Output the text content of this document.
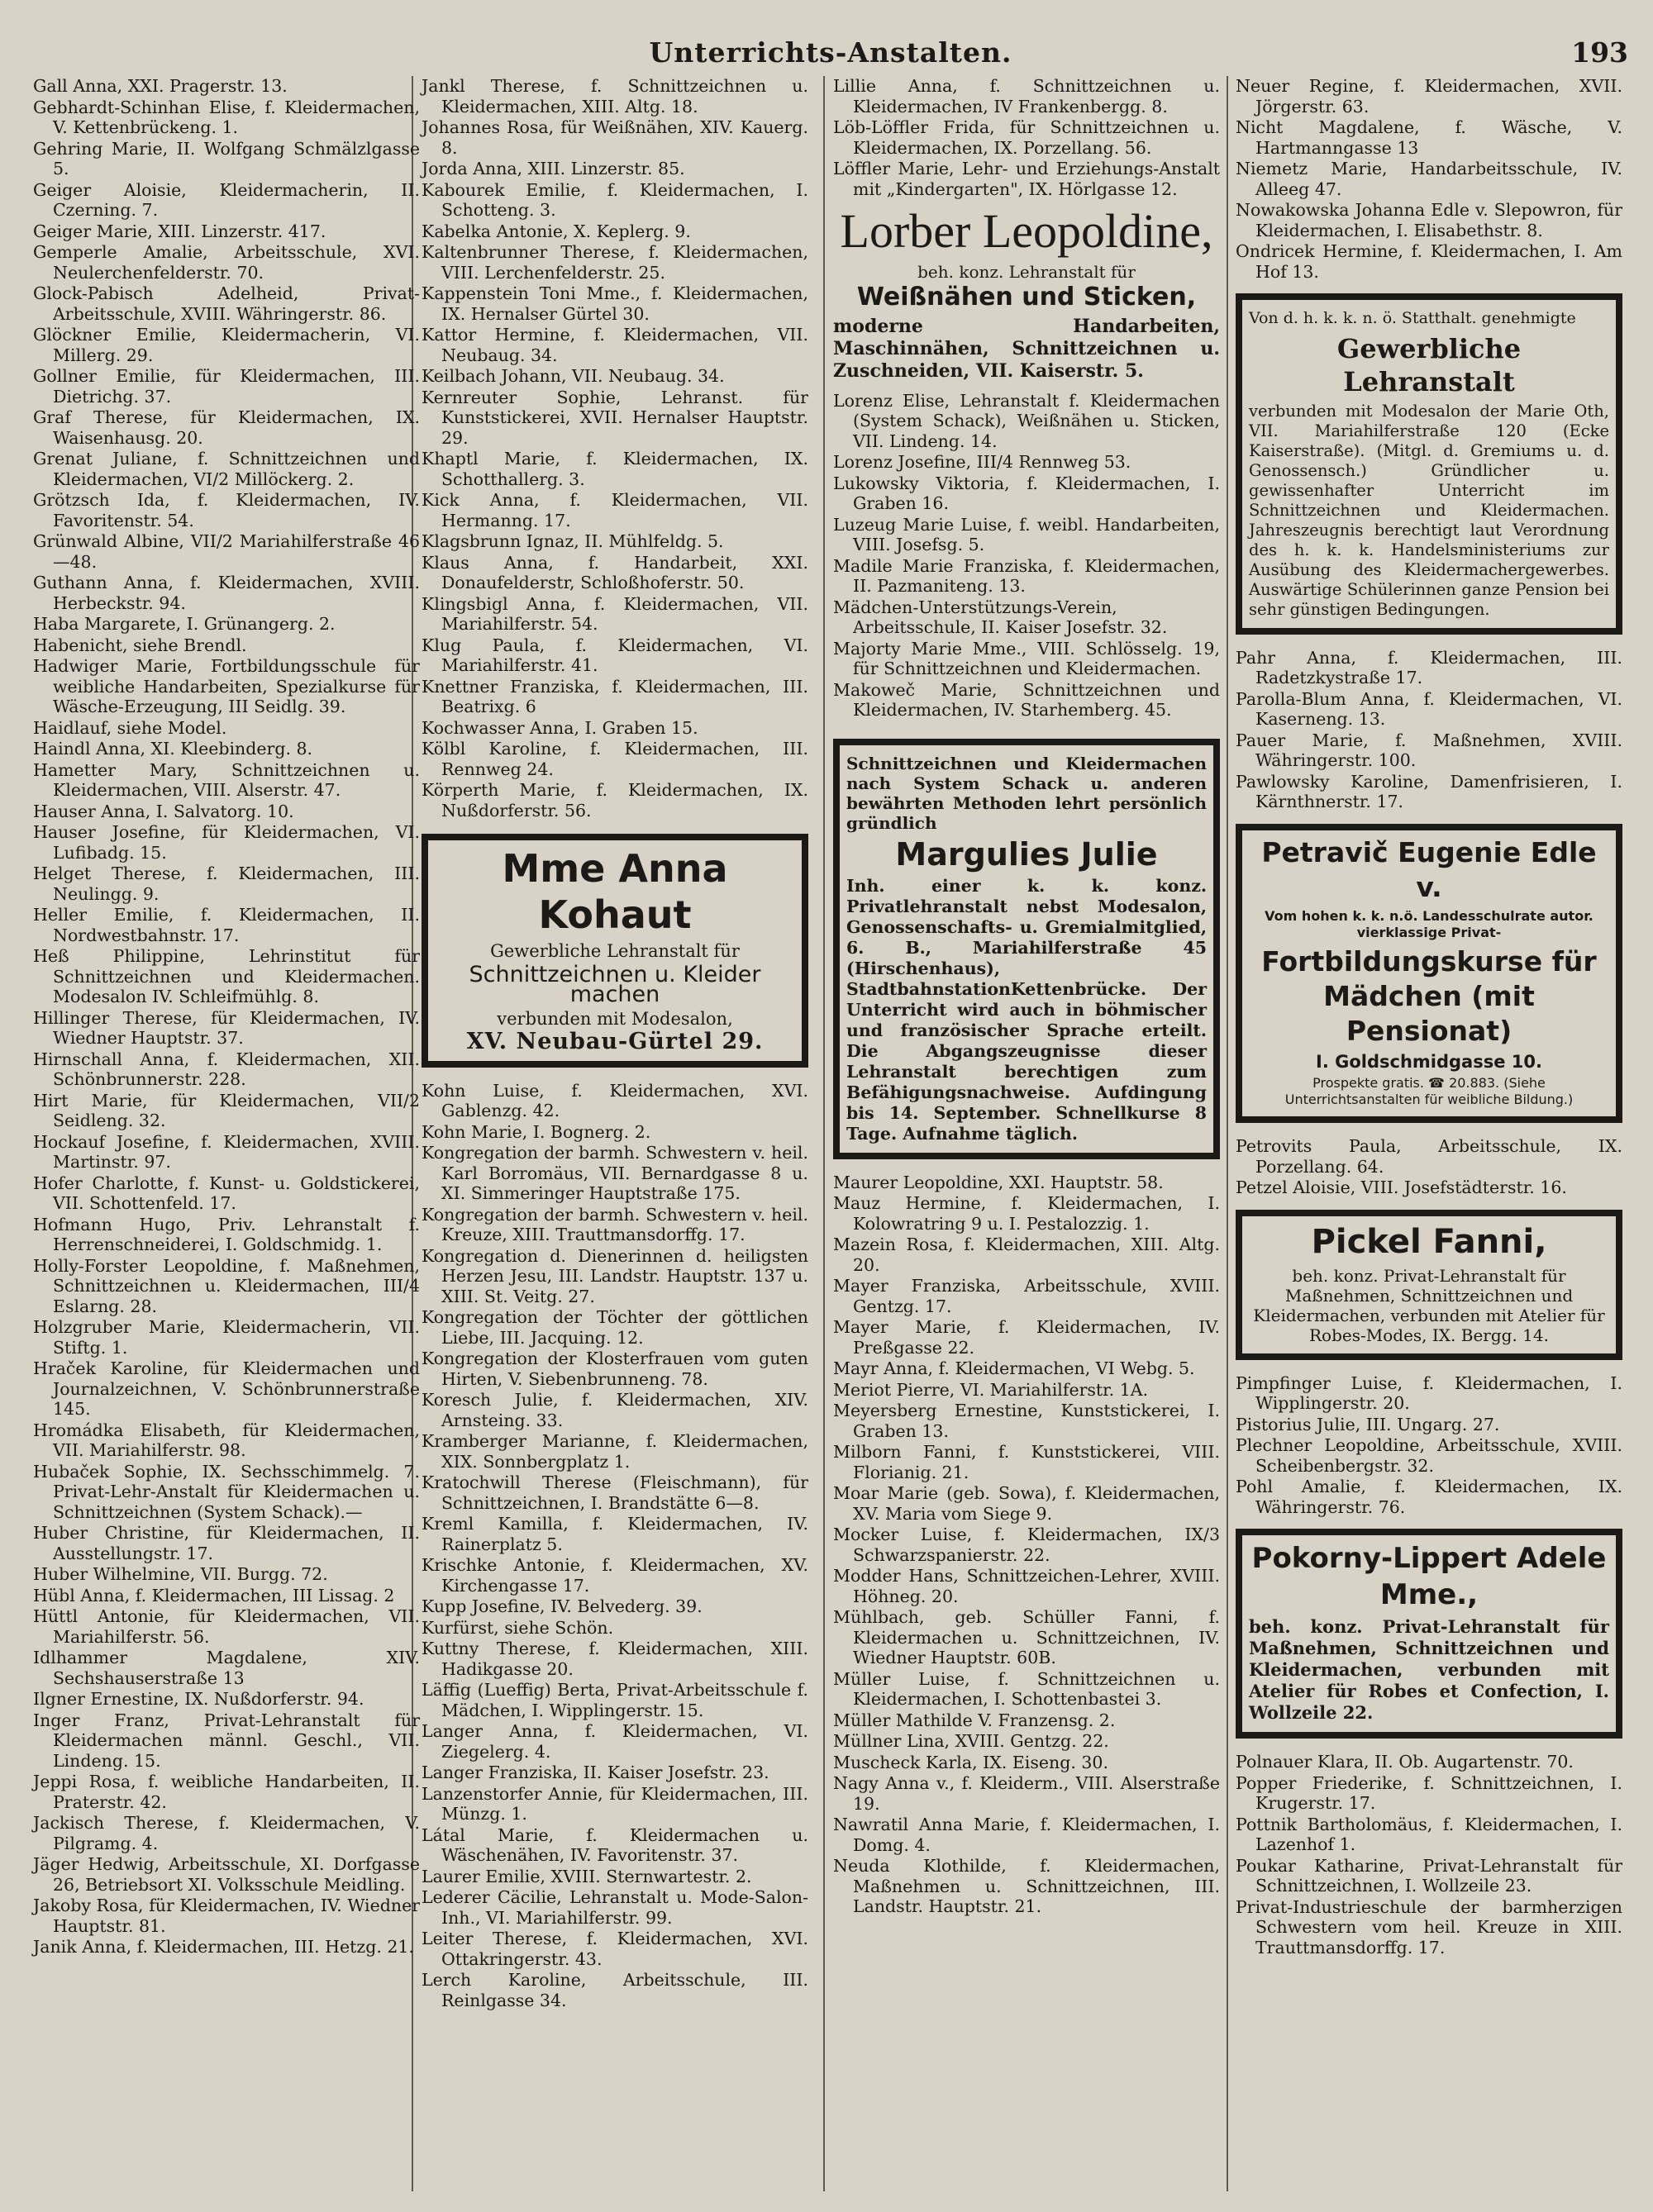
Unterrichts-Anstalten.	193

Gall Anna, XXI. Pragerstr. 13.

Gebhardt-Schinhan Elise, f. Kleidermachen, V. Kettenbrückeng. 1.

Gehring Marie, II. Wolfgang Schmälzlgasse 5.

Geiger Aloisie, Kleidermacherin, II. Czerning. 7.

Geiger Marie, XIII. Linzerstr. 417.

Gemperle Amalie, Arbeitsschule, XVI. Neulerchenfelderstr. 70.

Glock-Pabisch Adelheid, Privat-Arbeitsschule, XVIII. Währingerstr. 86.

Glöckner Emilie, Kleidermacherin, VI. Millerg. 29.

Gollner Emilie, für Kleidermachen, III. Dietrichg. 37.

Graf Therese, für Kleidermachen, IX. Waisenhausg. 20.

Grenat Juliane, f. Schnittzeichnen und Kleidermachen, VI/2 Millöckerg. 2.

Grötzsch Ida, f. Kleidermachen, IV. Favoritenstr. 54.

Grünwald Albine, VII/2 Mariahilferstraße 46—48.

Guthann Anna, f. Kleidermachen, XVIII. Herbeckstr. 94.

Haba Margarete, I. Grünangerg. 2.

Habenicht, siehe Brendl.

Hadwiger Marie, Fortbildungsschule für weibliche Handarbeiten, Spezialkurse für Wäsche-Erzeugung, III Seidlg. 39.

Haidlauf, siehe Model.

Haindl Anna, XI. Kleebinderg. 8.

Hametter Mary, Schnittzeichnen u. Kleidermachen, VIII. Alserstr. 47.

Hauser Anna, I. Salvatorg. 10.

Hauser Josefine, für Kleidermachen, VI. Lufibadg. 15.

Helget Therese, f. Kleidermachen, III. Neulingg. 9.

Heller Emilie, f. Kleidermachen, II. Nordwestbahnstr. 17.

Heß Philippine, Lehrinstitut für Schnittzeichnen und Kleidermachen. Modesalon IV. Schleifmühlg. 8.

Hillinger Therese, für Kleidermachen, IV. Wiedner Hauptstr. 37.

Hirnschall Anna, f. Kleidermachen, XII. Schönbrunnerstr. 228.

Hirt Marie, für Kleidermachen, VII/2 Seidleng. 32.

Hockauf Josefine, f. Kleidermachen, XVIII. Martinstr. 97.

Hofer Charlotte, f. Kunst- u. Goldstickerei, VII. Schottenfeld. 17.

Hofmann Hugo, Priv. Lehranstalt f. Herrenschneiderei, I. Goldschmidg. 1.

Holly-Forster Leopoldine, f. Maßnehmen, Schnittzeichnen u. Kleidermachen, III/4 Eslarng. 28.

Holzgruber Marie, Kleidermacherin, VII. Stiftg. 1.

Hraček Karoline, für Kleidermachen und Journalzeichnen, V. Schönbrunnerstraße 145.

Hromádka Elisabeth, für Kleidermachen, VII. Mariahilferstr. 98.

Hubaček Sophie, IX. Sechsschimmelg. 7. Privat-Lehr-Anstalt für Kleidermachen u. Schnittzeichnen (System Schack).—

Huber Christine, für Kleidermachen, II. Ausstellungstr. 17.

Huber Wilhelmine, VII. Burgg. 72.

Hübl Anna, f. Kleidermachen, III Lissag. 2

Hüttl Antonie, für Kleidermachen, VII. Mariahilferstr. 56.

Idlhammer Magdalene, XIV. Sechshauserstraße 13

Ilgner Ernestine, IX. Nußdorferstr. 94.

Inger Franz, Privat-Lehranstalt für Kleidermachen männl. Geschl., VII. Lindeng. 15.

Jeppi Rosa, f. weibliche Handarbeiten, II. Praterstr. 42.

Jackisch Therese, f. Kleidermachen, V. Pilgramg. 4.

Jäger Hedwig, Arbeitsschule, XI. Dorfgasse 26, Betriebsort XI. Volksschule Meidling.

Jakoby Rosa, für Kleidermachen, IV. Wiedner Hauptstr. 81.

Janik Anna, f. Kleidermachen, III. Hetzg. 21.

Jankl Therese, f. Schnittzeichnen u. Kleidermachen, XIII. Altg. 18.

Johannes Rosa, für Weißnähen, XIV. Kauerg. 8.

Jorda Anna, XIII. Linzerstr. 85.

Kabourek Emilie, f. Kleidermachen, I. Schotteng. 3.

Kabelka Antonie, X. Keplerg. 9.

Kaltenbrunner Therese, f. Kleidermachen, VIII. Lerchenfelderstr. 25.

Kappenstein Toni Mme., f. Kleidermachen, IX. Hernalser Gürtel 30.

Kattor Hermine, f. Kleidermachen, VII. Neubaug. 34.

Keilbach Johann, VII. Neubaug. 34.

Kernreuter Sophie, Lehranst. für Kunststickerei, XVII. Hernalser Hauptstr. 29.

Khaptl Marie, f. Kleidermachen, IX. Schotthallerg. 3.

Kick Anna, f. Kleidermachen, VII. Hermanng. 17.

Klagsbrunn Ignaz, II. Mühlfeldg. 5.

Klaus Anna, f. Handarbeit, XXI. Donaufelderstr, Schloßhoferstr. 50.

Klingsbigl Anna, f. Kleidermachen, VII. Mariahilferstr. 54.

Klug Paula, f. Kleidermachen, VI. Mariahilferstr. 41.

Knettner Franziska, f. Kleidermachen, III. Beatrixg. 6

Kochwasser Anna, I. Graben 15.

Kölbl Karoline, f. Kleidermachen, III. Rennweg 24.

Körperth Marie, f. Kleidermachen, IX. Nußdorferstr. 56.

Mme Anna Kohaut

Gewerbliche Lehranstalt für

Schnittzeichnen u. Kleider machen

verbunden mit Modesalon,

XV. Neubau-Gürtel 29.

Kohn Luise, f. Kleidermachen, XVI. Gablenzg. 42.

Kohn Marie, I. Bognerg. 2.

Kongregation der barmh. Schwestern v. heil. Karl Borromäus, VII. Bernardgasse 8 u. XI. Simmeringer Hauptstraße 175.

Kongregation der barmh. Schwestern v. heil. Kreuze, XIII. Trauttmansdorffg. 17.

Kongregation d. Dienerinnen d. heiligsten Herzen Jesu, III. Landstr. Hauptstr. 137 u. XIII. St. Veitg. 27.

Kongregation der Töchter der göttlichen Liebe, III. Jacquing. 12.

Kongregation der Klosterfrauen vom guten Hirten, V. Siebenbrunneng. 78.

Koresch Julie, f. Kleidermachen, XIV. Arnsteing. 33.

Kramberger Marianne, f. Kleidermachen, XIX. Sonnbergplatz 1.

Kratochwill Therese (Fleischmann), für Schnittzeichnen, I. Brandstätte 6—8.

Kreml Kamilla, f. Kleidermachen, IV. Rainerplatz 5.

Krischke Antonie, f. Kleidermachen, XV. Kirchengasse 17.

Kupp Josefine, IV. Belvederg. 39.

Kurfürst, siehe Schön.

Kuttny Therese, f. Kleidermachen, XIII. Hadikgasse 20.

Läffig (Lueffig) Berta, Privat-Arbeitsschule f. Mädchen, I. Wipplingerstr. 15.

Langer Anna, f. Kleidermachen, VI. Ziegelerg. 4.

Langer Franziska, II. Kaiser Josefstr. 23.

Lanzenstorfer Annie, für Kleidermachen, III. Münzg. 1.

Látal Marie, f. Kleidermachen u. Wäschenähen, IV. Favoritenstr. 37.

Laurer Emilie, XVIII. Sternwartestr. 2.

Lederer Cäcilie, Lehranstalt u. Mode-Salon-Inh., VI. Mariahilferstr. 99.

Leiter Therese, f. Kleidermachen, XVI. Ottakringerstr. 43.

Lerch Karoline, Arbeitsschule, III. Reinlgasse 34.

Lillie Anna, f. Schnittzeichnen u. Kleidermachen, IV Frankenbergg. 8.

Löb-Löffler Frida, für Schnittzeichnen u. Kleidermachen, IX. Porzellang. 56.

Löffler Marie, Lehr- und Erziehungs-Anstalt mit „Kindergarten", IX. Hörlgasse 12.

Lorber Leopoldine,
beh. konz. Lehranstalt für
Weißnähen und Sticken,
moderne Handarbeiten, Maschinnähen, Schnittzeichnen u. Zuschneiden, VII. Kaiserstr. 5.

Lorenz Elise, Lehranstalt f. Kleidermachen (System Schack), Weißnähen u. Sticken, VII. Lindeng. 14.

Lorenz Josefine, III/4 Rennweg 53.

Lukowsky Viktoria, f. Kleidermachen, I. Graben 16.

Luzeug Marie Luise, f. weibl. Handarbeiten, VIII. Josefsg. 5.

Madile Marie Franziska, f. Kleidermachen, II. Pazmaniteng. 13.

Mädchen-Unterstützungs-Verein, Arbeitsschule, II. Kaiser Josefstr. 32.

Majorty Marie Mme., VIII. Schlösselg. 19, für Schnittzeichnen und Kleidermachen.

Makoweč Marie, Schnittzeichnen und Kleidermachen, IV. Starhemberg. 45.

Schnittzeichnen und Kleidermachen nach System Schack u. anderen bewährten Methoden lehrt persönlich gründlich

Margulies Julie

Inh. einer k. k. konz. Privatlehranstalt nebst Modesalon, Genossenschafts- u. Gremialmitglied, 6. B., Mariahilferstraße 45 (Hirschenhaus), StadtbahnstationKettenbrücke. Der Unterricht wird auch in böhmischer und französischer Sprache erteilt. Die Abgangszeugnisse dieser Lehranstalt berechtigen zum Befähigungsnachweise. Aufdingung bis 14. September. Schnellkurse 8 Tage. Aufnahme täglich.

Maurer Leopoldine, XXI. Hauptstr. 58.

Mauz Hermine, f. Kleidermachen, I. Kolowratring 9 u. I. Pestalozzig. 1.

Mazein Rosa, f. Kleidermachen, XIII. Altg. 20.

Mayer Franziska, Arbeitsschule, XVIII. Gentzg. 17.

Mayer Marie, f. Kleidermachen, IV. Preßgasse 22.

Mayr Anna, f. Kleidermachen, VI Webg. 5.

Meriot Pierre, VI. Mariahilferstr. 1A.

Meyersberg Ernestine, Kunststickerei, I. Graben 13.

Milborn Fanni, f. Kunststickerei, VIII. Florianig. 21.

Moar Marie (geb. Sowa), f. Kleidermachen, XV. Maria vom Siege 9.

Mocker Luise, f. Kleidermachen, IX/3 Schwarzspanierstr. 22.

Modder Hans, Schnittzeichen-Lehrer, XVIII. Höhneg. 20.

Mühlbach, geb. Schüller Fanni, f. Kleidermachen u. Schnittzeichnen, IV. Wiedner Hauptstr. 60B.

Müller Luise, f. Schnittzeichnen u. Kleidermachen, I. Schottenbastei 3.

Müller Mathilde V. Franzensg. 2.

Müllner Lina, XVIII. Gentzg. 22.

Muscheck Karla, IX. Eiseng. 30.

Nagy Anna v., f. Kleiderm., VIII. Alserstraße 19.

Nawratil Anna Marie, f. Kleidermachen, I. Domg. 4.

Neuda Klothilde, f. Kleidermachen, Maßnehmen u. Schnittzeichnen, III. Landstr. Hauptstr. 21.

Neuer Regine, f. Kleidermachen, XVII. Jörgerstr. 63.

Nicht Magdalene, f. Wäsche, V. Hartmanngasse 13

Niemetz Marie, Handarbeitsschule, IV. Alleeg 47.

Nowakowska Johanna Edle v. Slepowron, für Kleidermachen, I. Elisabethstr. 8.

Ondricek Hermine, f. Kleidermachen, I. Am Hof 13.

Von d. h. k. k. n. ö. Statthalt. genehmigte

Gewerbliche Lehranstalt

verbunden mit Modesalon der Marie Oth, VII. Mariahilferstraße 120 (Ecke Kaiserstraße). (Mitgl. d. Gremiums u. d. Genossensch.) Gründlicher u. gewissenhafter Unterricht im Schnittzeichnen und Kleidermachen. Jahreszeugnis berechtigt laut Verordnung des h. k. k. Handelsministeriums zur Ausübung des Kleidermachergewerbes. Auswärtige Schülerinnen ganze Pension bei sehr günstigen Bedingungen.

Pahr Anna, f. Kleidermachen, III. Radetzkystraße 17.

Parolla-Blum Anna, f. Kleidermachen, VI. Kaserneng. 13.

Pauer Marie, f. Maßnehmen, XVIII. Währingerstr. 100.

Pawlowsky Karoline, Damenfrisieren, I. Kärnthnerstr. 17.

Petravič Eugenie Edle v.

Vom hohen k. k. n.ö. Landesschulrate autor. vierklassige Privat-

Fortbildungskurse für Mädchen (mit Pensionat)

I. Goldschmidgasse 10.

Prospekte gratis. ☎ 20.883. (Siehe Unterrichtsanstalten für weibliche Bildung.)

Petrovits Paula, Arbeitsschule, IX. Porzellang. 64.

Petzel Aloisie, VIII. Josefstädterstr. 16.

Pickel Fanni,

beh. konz. Privat-Lehranstalt für Maßnehmen, Schnittzeichnen und Kleidermachen, verbunden mit Atelier für Robes-Modes, IX. Bergg. 14.

Pimpfinger Luise, f. Kleidermachen, I. Wipplingerstr. 20.

Pistorius Julie, III. Ungarg. 27.

Plechner Leopoldine, Arbeitsschule, XVIII. Scheibenbergstr. 32.

Pohl Amalie, f. Kleidermachen, IX. Währingerstr. 76.

Pokorny-Lippert Adele Mme.,

beh. konz. Privat-Lehranstalt für Maßnehmen, Schnittzeichnen und Kleidermachen, verbunden mit Atelier für Robes et Confection, I. Wollzeile 22.

Polnauer Klara, II. Ob. Augartenstr. 70.

Popper Friederike, f. Schnittzeichnen, I. Krugerstr. 17.

Pottnik Bartholomäus, f. Kleidermachen, I. Lazenhof 1.

Poukar Katharine, Privat-Lehranstalt für Schnittzeichnen, I. Wollzeile 23.

Privat-Industrieschule der barmherzigen Schwestern vom heil. Kreuze in XIII. Trauttmansdorffg. 17.
